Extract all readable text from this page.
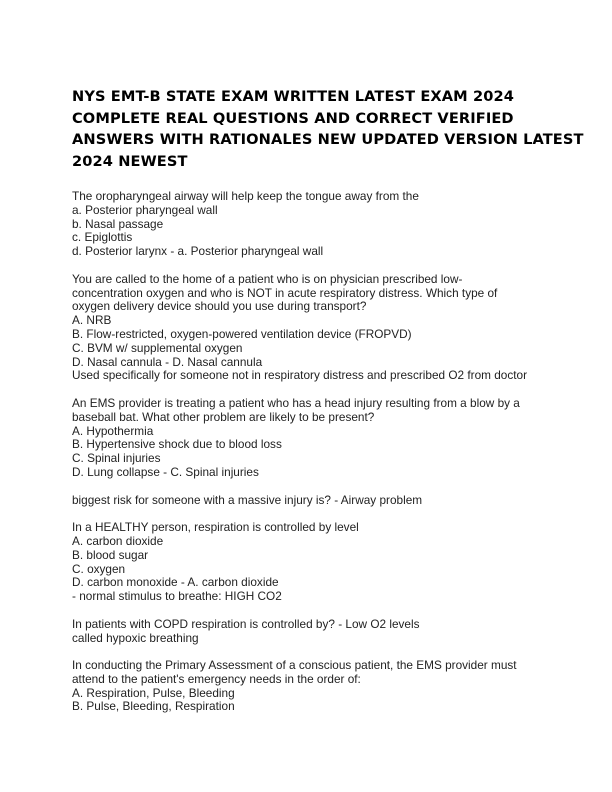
NYS EMT-B STATE EXAM WRITTEN LATEST EXAM 2024
COMPLETE REAL QUESTIONS AND CORRECT VERIFIED
ANSWERS WITH RATIONALES NEW UPDATED VERSION LATEST
2024 NEWEST
The oropharyngeal airway will help keep the tongue away from the
a. Posterior pharyngeal wall
b. Nasal passage
c. Epiglottis
d. Posterior larynx - a. Posterior pharyngeal wall
You are called to the home of a patient who is on physician prescribed low-
concentration oxygen and who is NOT in acute respiratory distress. Which type of
oxygen delivery device should you use during transport?
A. NRB
B. Flow-restricted, oxygen-powered ventilation device (FROPVD)
C. BVM w/ supplemental oxygen
D. Nasal cannula - D. Nasal cannula
Used specifically for someone not in respiratory distress and prescribed O2 from doctor
An EMS provider is treating a patient who has a head injury resulting from a blow by a
baseball bat. What other problem are likely to be present?
A. Hypothermia
B. Hypertensive shock due to blood loss
C. Spinal injuries
D. Lung collapse - C. Spinal injuries
biggest risk for someone with a massive injury is? - Airway problem
In a HEALTHY person, respiration is controlled by level
A. carbon dioxide
B. blood sugar
C. oxygen
D. carbon monoxide - A. carbon dioxide
- normal stimulus to breathe: HIGH CO2
In patients with COPD respiration is controlled by? - Low O2 levels
called hypoxic breathing
In conducting the Primary Assessment of a conscious patient, the EMS provider must
attend to the patient's emergency needs in the order of:
A. Respiration, Pulse, Bleeding
B. Pulse, Bleeding, Respiration
